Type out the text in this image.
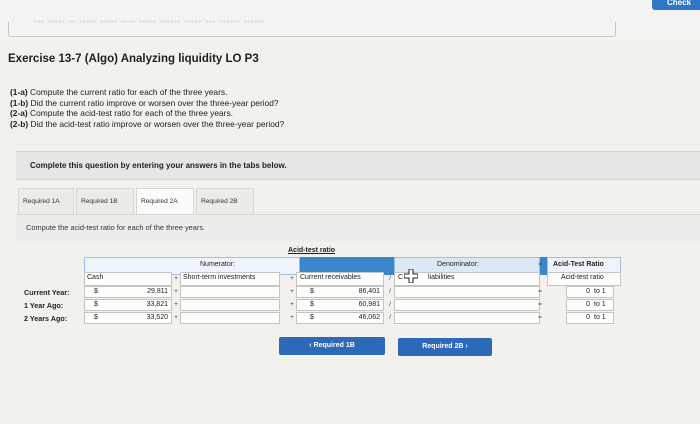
... ..... .. ..... ..... .... ..... ...... ..... ... ...... ......
Check
Exercise 13-7 (Algo) Analyzing liquidity LO P3
(1-a) Compute the current ratio for each of the three years.
(1-b) Did the current ratio improve or worsen over the three-year period?
(2-a) Compute the acid-test ratio for each of the three years.
(2-b) Did the acid-test ratio improve or worsen over the three-year period?
Complete this question by entering your answers in the tabs below.
Required 1A	Required 1B	Required 2A	Required 2B
Compute the acid-test ratio for each of the three years.
Acid-test ratio
Numerator:	Denominator:	Acid-Test Ratio
=
Cash	+ Short-term investments	+ Current receivables	/	C	liabilities	Acid-test ratio
Current Year:	$	29,811 +	+	$	86,401	/	=	0 to 1
1 Year Ago:	$	33,821 +	+	$	60,981	/	=	0 to 1
2 Years Ago:	$	33,520 +	+	$	46,062	/	=	0 to 1
‹ Required 1B	Required 2B ›
